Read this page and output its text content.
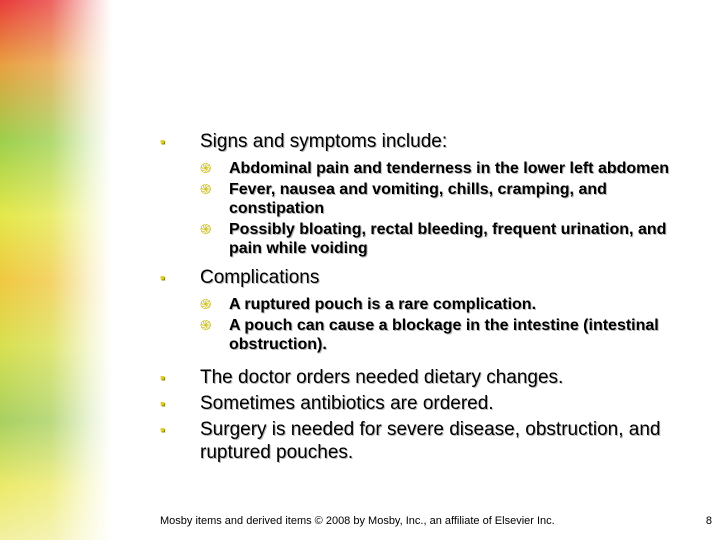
▪	Signs and symptoms include:
֍	Abdominal pain and tenderness in the lower left abdomen
֍	Fever, nausea and vomiting, chills, cramping, and constipation
֍	Possibly bloating, rectal bleeding, frequent urination, and pain while voiding
▪	Complications
֍	A ruptured pouch is a rare complication.
֍	A pouch can cause a blockage in the intestine (intestinal obstruction).
▪	The doctor orders needed dietary changes.
▪	Sometimes antibiotics are ordered.
▪	Surgery is needed for severe disease, obstruction, and ruptured pouches.
Mosby items and derived items © 2008 by Mosby, Inc., an affiliate of Elsevier Inc.	8
